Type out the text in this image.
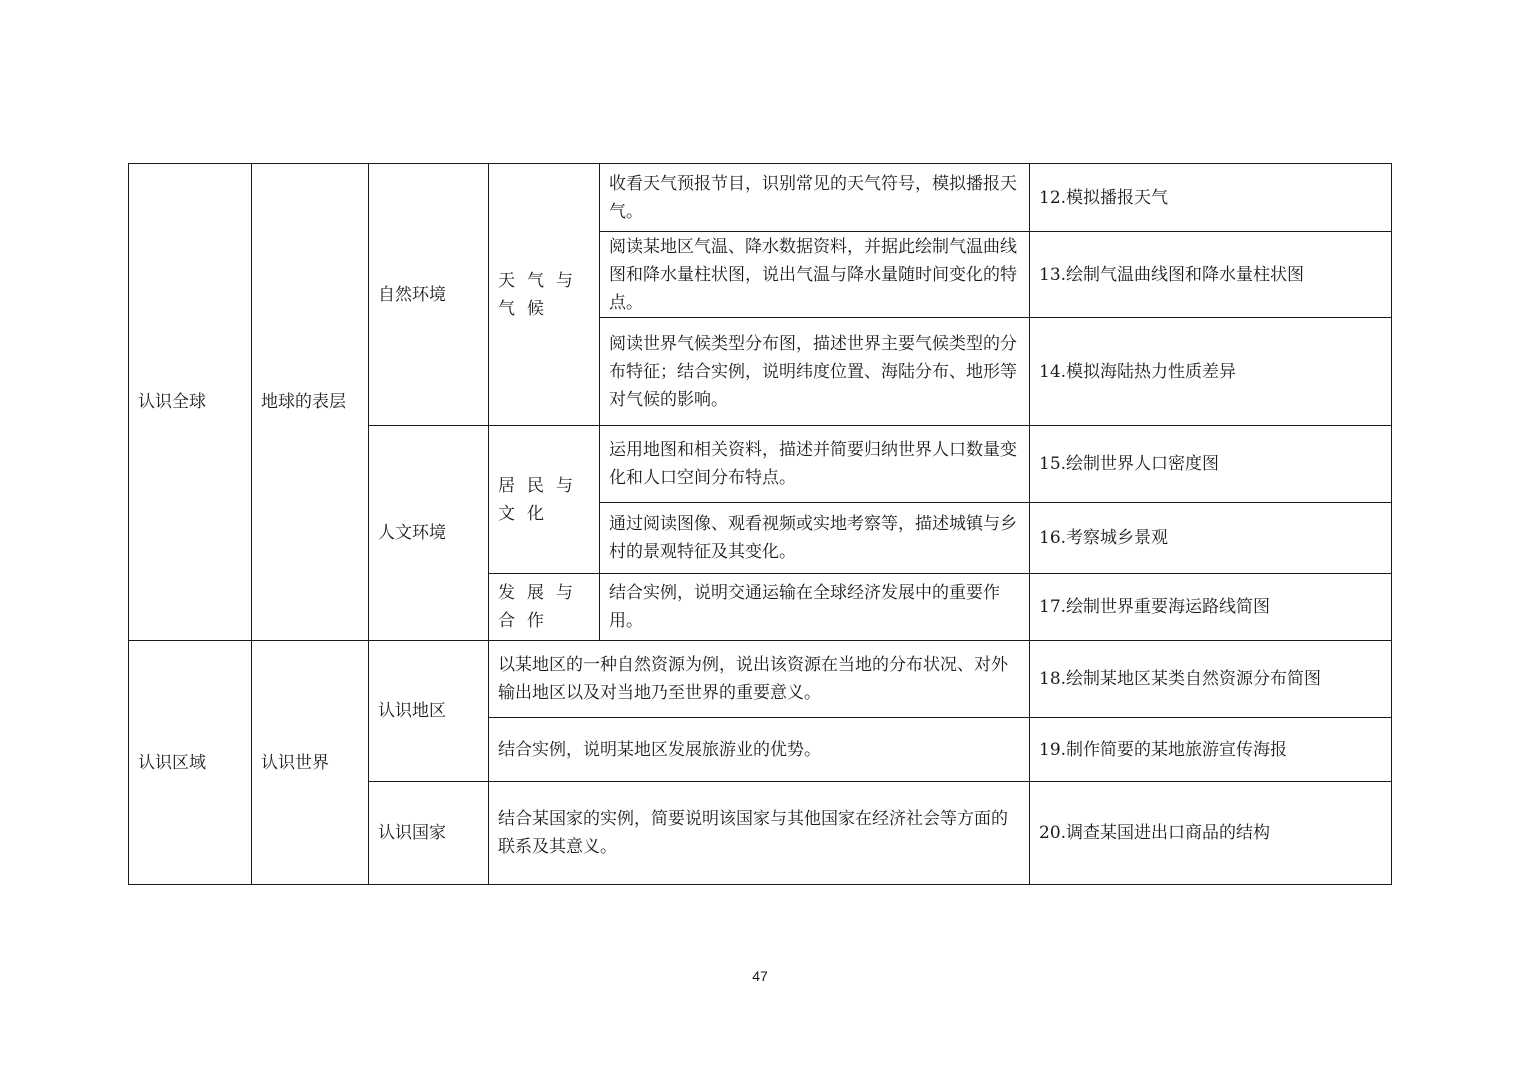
认识全球	地球的表层	自然环境	天气与气候	收看天气预报节目，识别常见的天气符号，模拟播报天气。	12.模拟播报天气
				阅读某地区气温、降水数据资料，并据此绘制气温曲线图和降水量柱状图，说出气温与降水量随时间变化的特点。	13.绘制气温曲线图和降水量柱状图
				阅读世界气候类型分布图，描述世界主要气候类型的分布特征；结合实例，说明纬度位置、海陆分布、地形等对气候的影响。	14.模拟海陆热力性质差异
		人文环境	居民与文化	运用地图和相关资料，描述并简要归纳世界人口数量变化和人口空间分布特点。	15.绘制世界人口密度图
				通过阅读图像、观看视频或实地考察等，描述城镇与乡村的景观特征及其变化。	16.考察城乡景观
			发展与合作	结合实例，说明交通运输在全球经济发展中的重要作用。	17.绘制世界重要海运路线简图
认识区域	认识世界	认识地区	以某地区的一种自然资源为例，说出该资源在当地的分布状况、对外输出地区以及对当地乃至世界的重要意义。		18.绘制某地区某类自然资源分布简图
			结合实例，说明某地区发展旅游业的优势。		19.制作简要的某地旅游宣传海报
		认识国家	结合某国家的实例，简要说明该国家与其他国家在经济社会等方面的联系及其意义。		20.调查某国进出口商品的结构
47
